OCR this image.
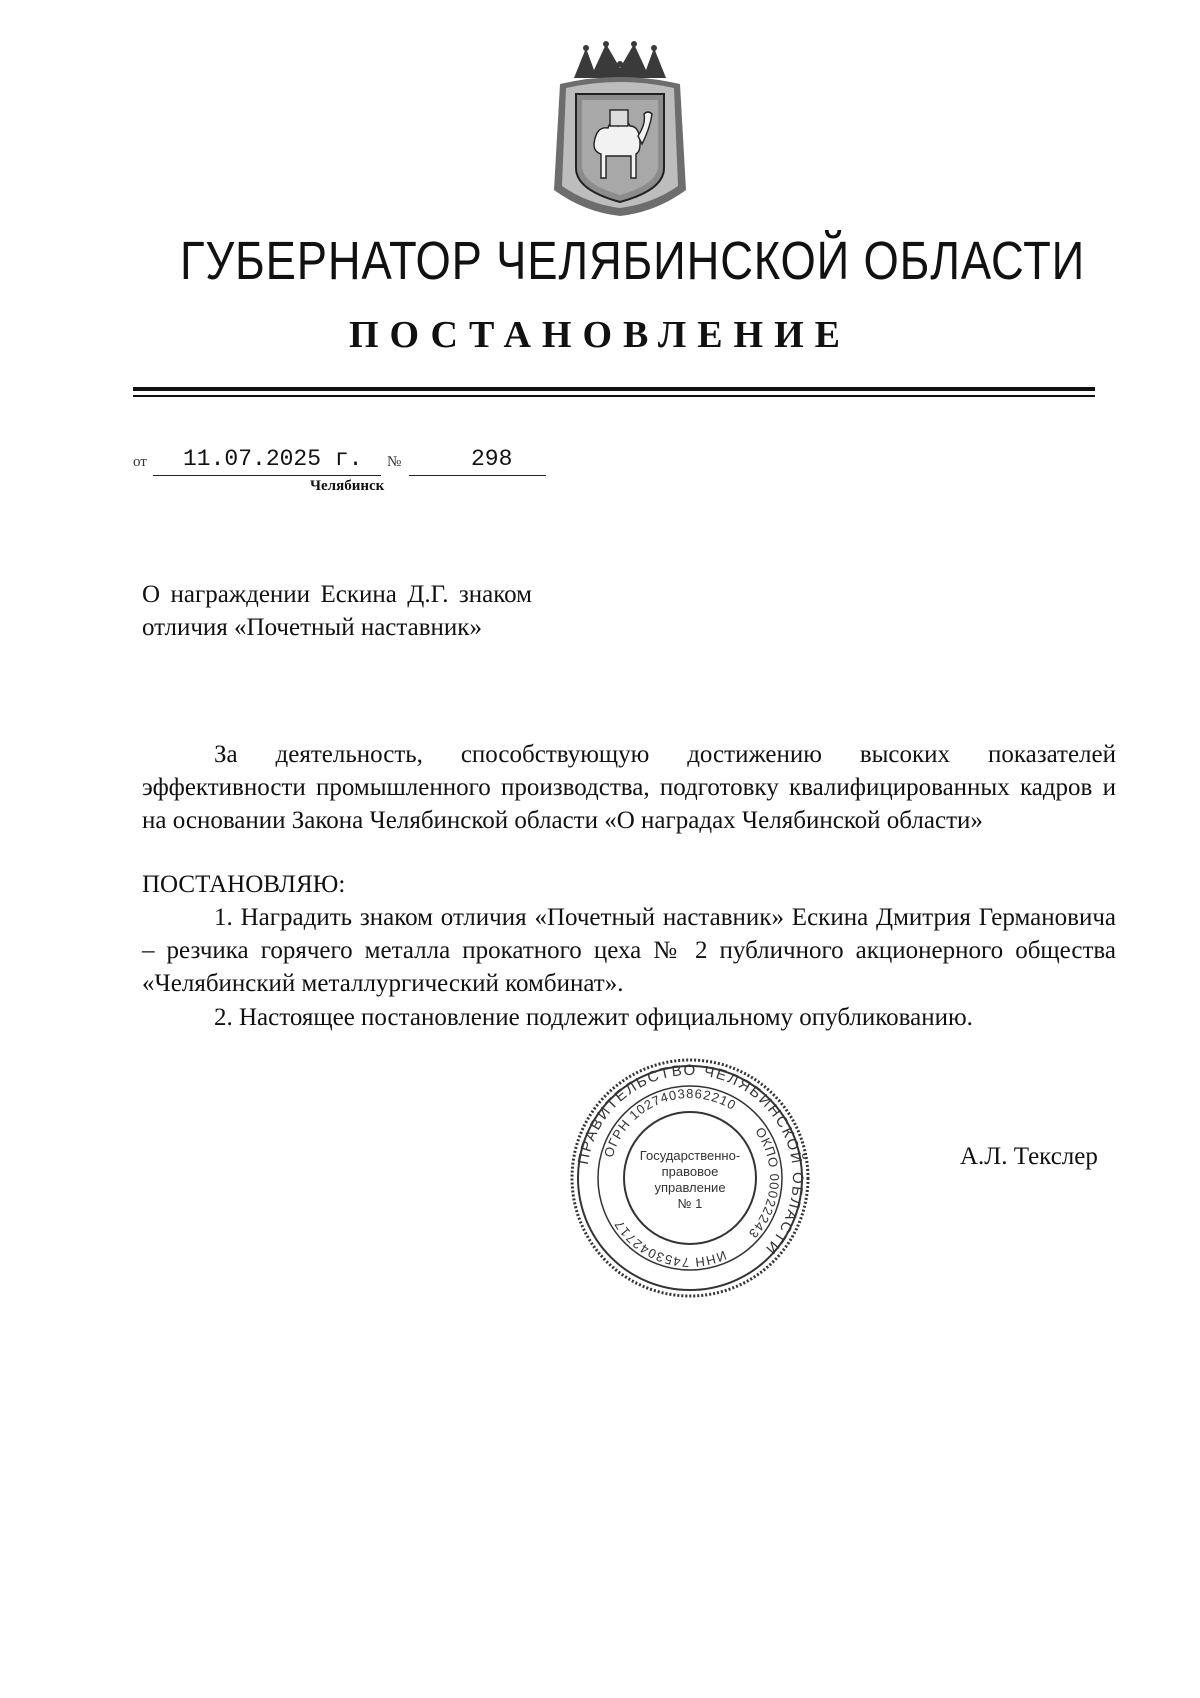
ГУБЕРНАТОР ЧЕЛЯБИНСКОЙ ОБЛАСТИ
ПОСТАНОВЛЕНИЕ
от 11.07.2025 г. №	298
Челябинск
О награждении Ескина Д.Г. знаком отличия «Почетный наставник»
За деятельность, способствующую достижению высоких показателей эффективности промышленного производства, подготовку квалифицированных кадров и на основании Закона Челябинской области «О наградах Челябинской области»
ПОСТАНОВЛЯЮ:
1. Наградить знаком отличия «Почетный наставник» Ескина Дмитрия Германовича – резчика горячего металла прокатного цеха № 2 публичного акционерного общества «Челябинский металлургический комбинат».
2. Настоящее постановление подлежит официальному опубликованию.
ПРАВИТЕЛЬСТВО ЧЕЛЯБИНСКОЙ ОБЛАСТИ
ОГРН 1027403862210
ОКПО 00022243
ИНН 7453042717
Государственно-
правовое
управление
№ 1
А.Л. Текслер
